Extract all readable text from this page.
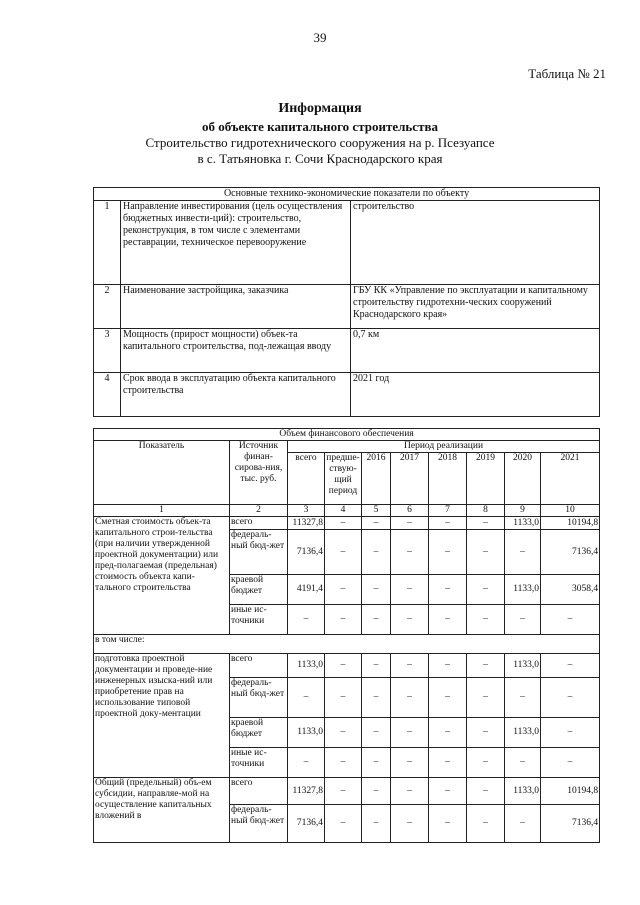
39
Таблица № 21
Информация
об объекте капитального строительства
Строительство гидротехнического сооружения на р. Псезуапсе
в с. Татьяновка г. Сочи Краснодарского края
Основные технико-экономические показатели по объекту		
1	Направление инвестирования (цель осуществления бюджетных инвести-ций): строительство, реконструкция, в том числе с элементами реставрации, техническое перевооружение	строительство
2	Наименование застройщика, заказчика	ГБУ КК «Управление по эксплуатации и капитальному строительству гидротехни-ческих сооружений Краснодарского края»
3	Мощность (прирост мощности) объек-та капитального строительства, под-лежащая вводу	0,7 км
4	Срок ввода в эксплуатацию объекта капитального строительства	2021 год
Объем финансового обеспечения									
Показатель	Источник финан-сирова-ния, тыс. руб.	Период реализации							
		всего	предше-ствую-щий период	2016	2017	2018	2019	2020	2021
1	2	3	4	5	6	7	8	9	10
Сметная стоимость объек-та капитального строи-тельства (при наличии утвержденной проектной документации) или пред-полагаемая (предельная) стоимость объекта капи-тального строительства	всего	11327,8	–	–	–	–	–	1133,0	10194,8
	федераль-ный бюд-жет	7136,4	–	–	–	–	–	–	7136,4
	краевой бюджет	4191,4	–	–	–	–	–	1133,0	3058,4
	иные ис-точники	–	–	–	–	–	–	–	–
в том числе:									
подготовка проектной документации и проведе-ние инженерных изыска-ний или приобретение прав на использование типовой проектной доку-ментации	всего	1133,0	–	–	–	–	–	1133,0	–
	федераль-ный бюд-жет	–	–	–	–	–	–	–	–
	краевой бюджет	1133,0	–	–	–	–	–	1133,0	–
	иные ис-точники	–	–	–	–	–	–	–	–
Общий (предельный) объ-ем субсидии, направляе-мой на осуществление капитальных вложений в	всего	11327,8	–	–	–	–	–	1133,0	10194,8
	федераль-ный бюд-жет	7136,4	–	–	–	–	–	–	7136,4
